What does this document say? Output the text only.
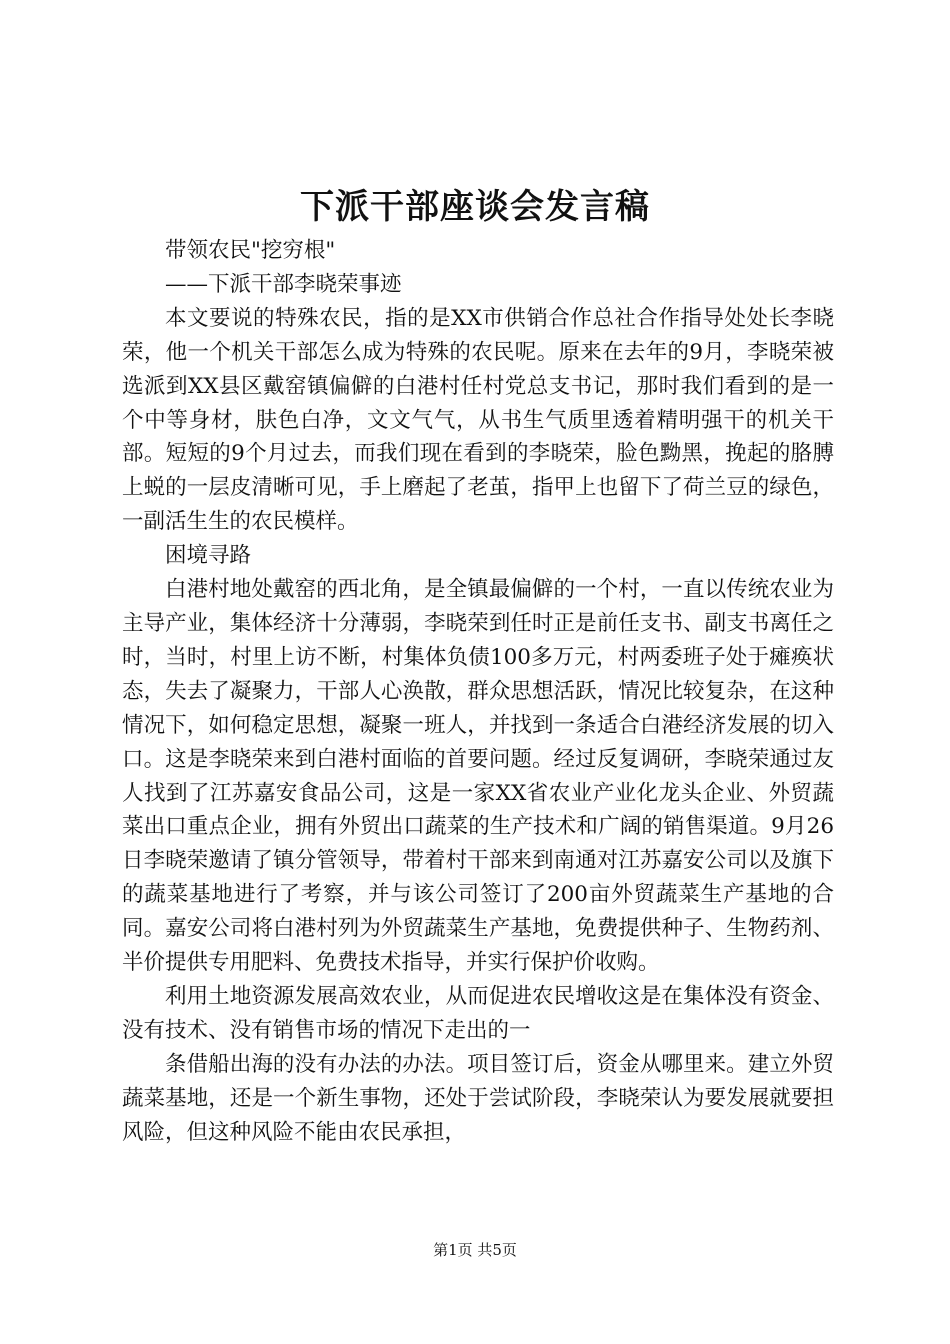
下派干部座谈会发言稿

带领农民"挖穷根"

——下派干部李晓荣事迹

本文要说的特殊农民，指的是XX市供销合作总社合作指导处处长李晓荣，他一个机关干部怎么成为特殊的农民呢。原来在去年的9月，李晓荣被选派到XX县区戴窑镇偏僻的白港村任村党总支书记，那时我们看到的是一个中等身材，肤色白净，文文气气，从书生气质里透着精明强干的机关干部。短短的9个月过去，而我们现在看到的李晓荣，脸色黝黑，挽起的胳膊上蜕的一层皮清晰可见，手上磨起了老茧，指甲上也留下了荷兰豆的绿色，一副活生生的农民模样。

困境寻路

白港村地处戴窑的西北角，是全镇最偏僻的一个村，一直以传统农业为主导产业，集体经济十分薄弱，李晓荣到任时正是前任支书、副支书离任之时，当时，村里上访不断，村集体负债100多万元，村两委班子处于瘫痪状态，失去了凝聚力，干部人心涣散，群众思想活跃，情况比较复杂，在这种情况下，如何稳定思想，凝聚一班人，并找到一条适合白港经济发展的切入口。这是李晓荣来到白港村面临的首要问题。经过反复调研，李晓荣通过友人找到了江苏嘉安食品公司，这是一家XX省农业产业化龙头企业、外贸蔬菜出口重点企业，拥有外贸出口蔬菜的生产技术和广阔的销售渠道。9月26日李晓荣邀请了镇分管领导，带着村干部来到南通对江苏嘉安公司以及旗下的蔬菜基地进行了考察，并与该公司签订了200亩外贸蔬菜生产基地的合同。嘉安公司将白港村列为外贸蔬菜生产基地，免费提供种子、生物药剂、半价提供专用肥料、免费技术指导，并实行保护价收购。

利用土地资源发展高效农业，从而促进农民增收这是在集体没有资金、没有技术、没有销售市场的情况下走出的一

条借船出海的没有办法的办法。项目签订后，资金从哪里来。建立外贸蔬菜基地，还是一个新生事物，还处于尝试阶段，李晓荣认为要发展就要担风险，但这种风险不能由农民承担，

第1页 共5页
